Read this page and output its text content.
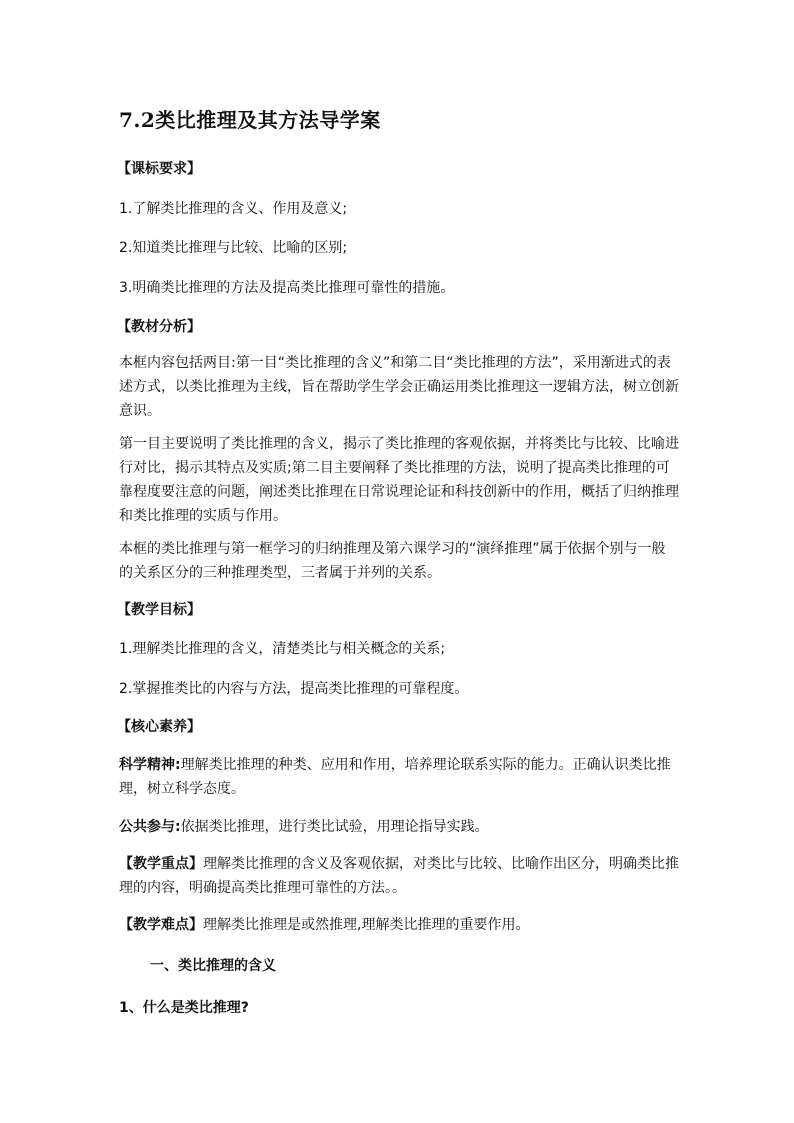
7.2类比推理及其方法导学案
【课标要求】
1.了解类比推理的含义、作用及意义;
2.知道类比推理与比较、比喻的区别;
3.明确类比推理的方法及提高类比推理可靠性的措施。
【教材分析】
本框内容包括两目:第一目“类比推理的含义”和第二目“类比推理的方法”，采用渐进式的表述方式，以类比推理为主线，旨在帮助学生学会正确运用类比推理这一逻辑方法，树立创新意识。
第一目主要说明了类比推理的含义，揭示了类比推理的客观依据，并将类比与比较、比喻进行对比，揭示其特点及实质;第二目主要阐释了类比推理的方法，说明了提高类比推理的可靠程度要注意的问题，阐述类比推理在日常说理论证和科技创新中的作用，概括了归纳推理和类比推理的实质与作用。
本框的类比推理与第一框学习的归纳推理及第六课学习的“演绎推理”属于依据个别与一般的关系区分的三种推理类型，三者属于并列的关系。
【教学目标】
1.理解类比推理的含义，清楚类比与相关概念的关系;
2.掌握推类比的内容与方法，提高类比推理的可靠程度。
【核心素养】
科学精神:理解类比推理的种类、应用和作用，培养理论联系实际的能力。正确认识类比推理，树立科学态度。
公共参与:依据类比推理，进行类比试验，用理论指导实践。
【教学重点】理解类比推理的含义及客观依据，对类比与比较、比喻作出区分，明确类比推理的内容，明确提高类比推理可靠性的方法。。
【教学难点】理解类比推理是或然推理,理解类比推理的重要作用。
一、类比推理的含义
1、什么是类比推理?
